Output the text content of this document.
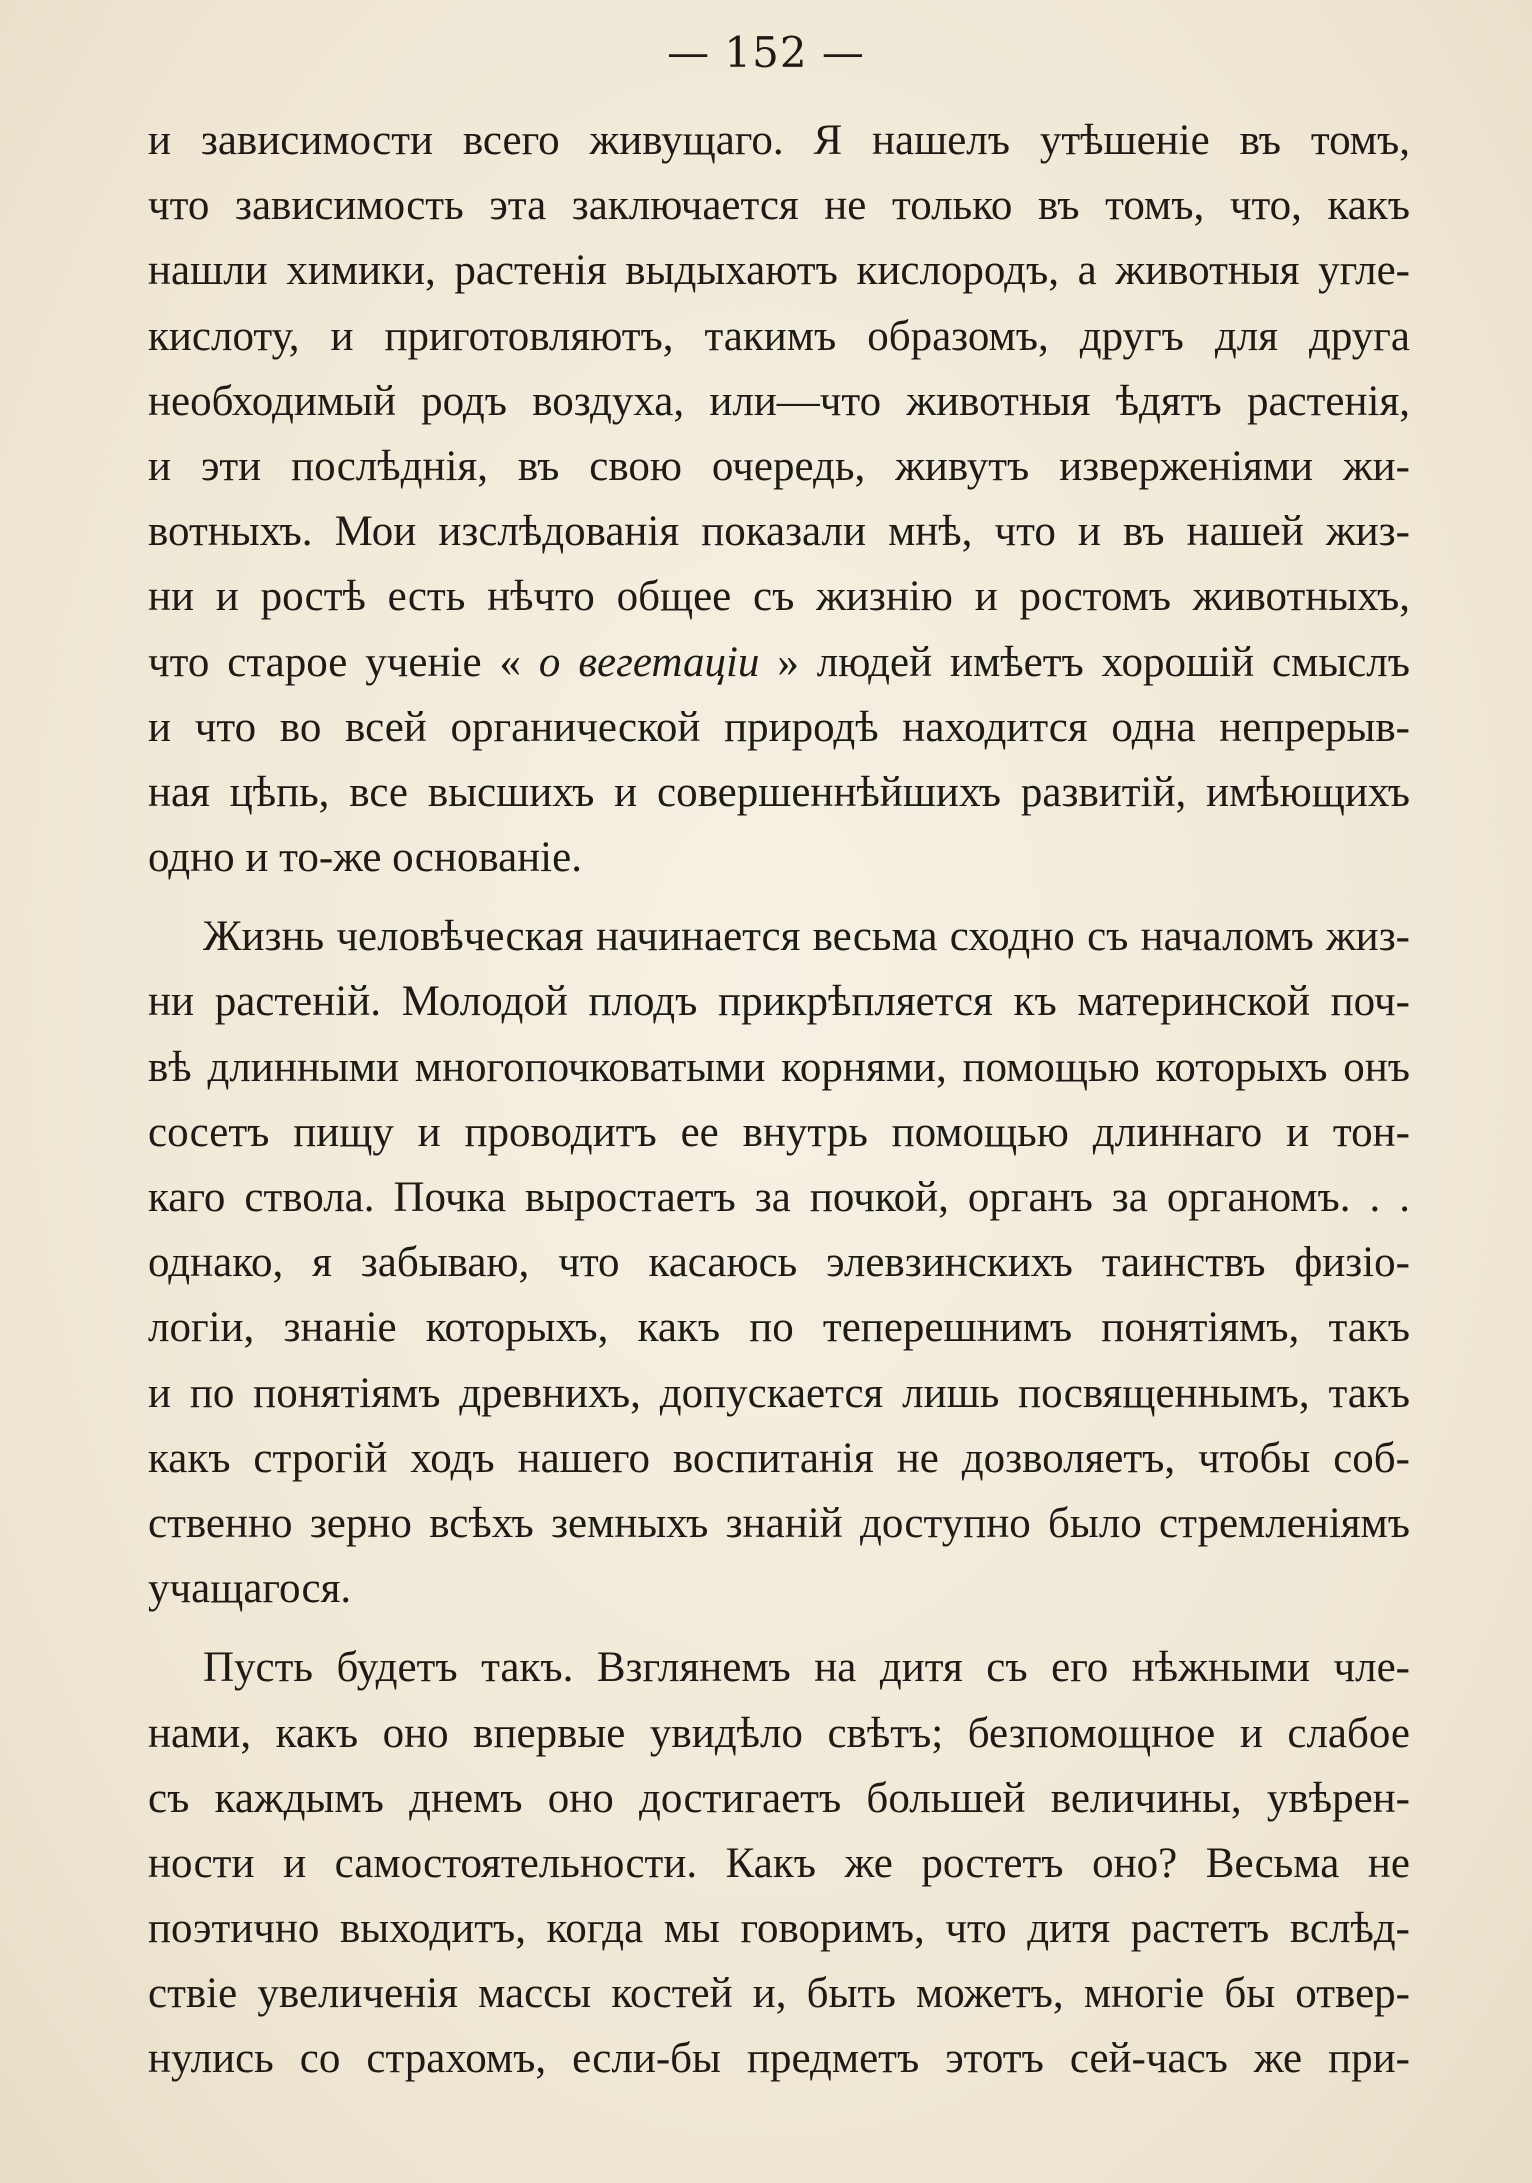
— 152 —
и зависимости всего живущаго. Я нашелъ утѣшеніе въ томъ,
что зависимость эта заключается не только въ томъ, что, какъ
нашли химики, растенія выдыхаютъ кислородъ, а животныя угле-
кислоту, и приготовляютъ, такимъ образомъ, другъ для друга
необходимый родъ воздуха, или—что животныя ѣдятъ растенія,
и эти послѣднія, въ свою очередь, живутъ изверженіями жи-
вотныхъ. Мои изслѣдованія показали мнѣ, что и въ нашей жиз-
ни и ростѣ есть нѣчто общее съ жизнію и ростомъ животныхъ,
что старое ученіе « о вегетаціи » людей имѣетъ хорошій смыслъ
и что во всей органической природѣ находится одна непрерыв-
ная цѣпь, все высшихъ и совершеннѣйшихъ развитій, имѣющихъ
одно и то-же основаніе.
Жизнь человѣческая начинается весьма сходно съ началомъ жиз-
ни растеній. Молодой плодъ прикрѣпляется къ материнской поч-
вѣ длинными многопочковатыми корнями, помощью которыхъ онъ
сосетъ пищу и проводитъ ее внутрь помощью длиннаго и тон-
каго ствола. Почка выростаетъ за почкой, органъ за органомъ. . .
однако, я забываю, что касаюсь элевзинскихъ таинствъ физіо-
логіи, знаніе которыхъ, какъ по теперешнимъ понятіямъ, такъ
и по понятіямъ древнихъ, допускается лишь посвященнымъ, такъ
какъ строгій ходъ нашего воспитанія не дозволяетъ, чтобы соб-
ственно зерно всѣхъ земныхъ знаній доступно было стремленіямъ
учащагося.
Пусть будетъ такъ. Взглянемъ на дитя съ его нѣжными чле-
нами, какъ оно впервые увидѣло свѣтъ; безпомощное и слабое
съ каждымъ днемъ оно достигаетъ большей величины, увѣрен-
ности и самостоятельности. Какъ же ростетъ оно? Весьма не
поэтично выходитъ, когда мы говоримъ, что дитя растетъ вслѣд-
ствіе увеличенія массы костей и, быть можетъ, многіе бы отвер-
нулись со страхомъ, если-бы предметъ этотъ сей-часъ же при-
